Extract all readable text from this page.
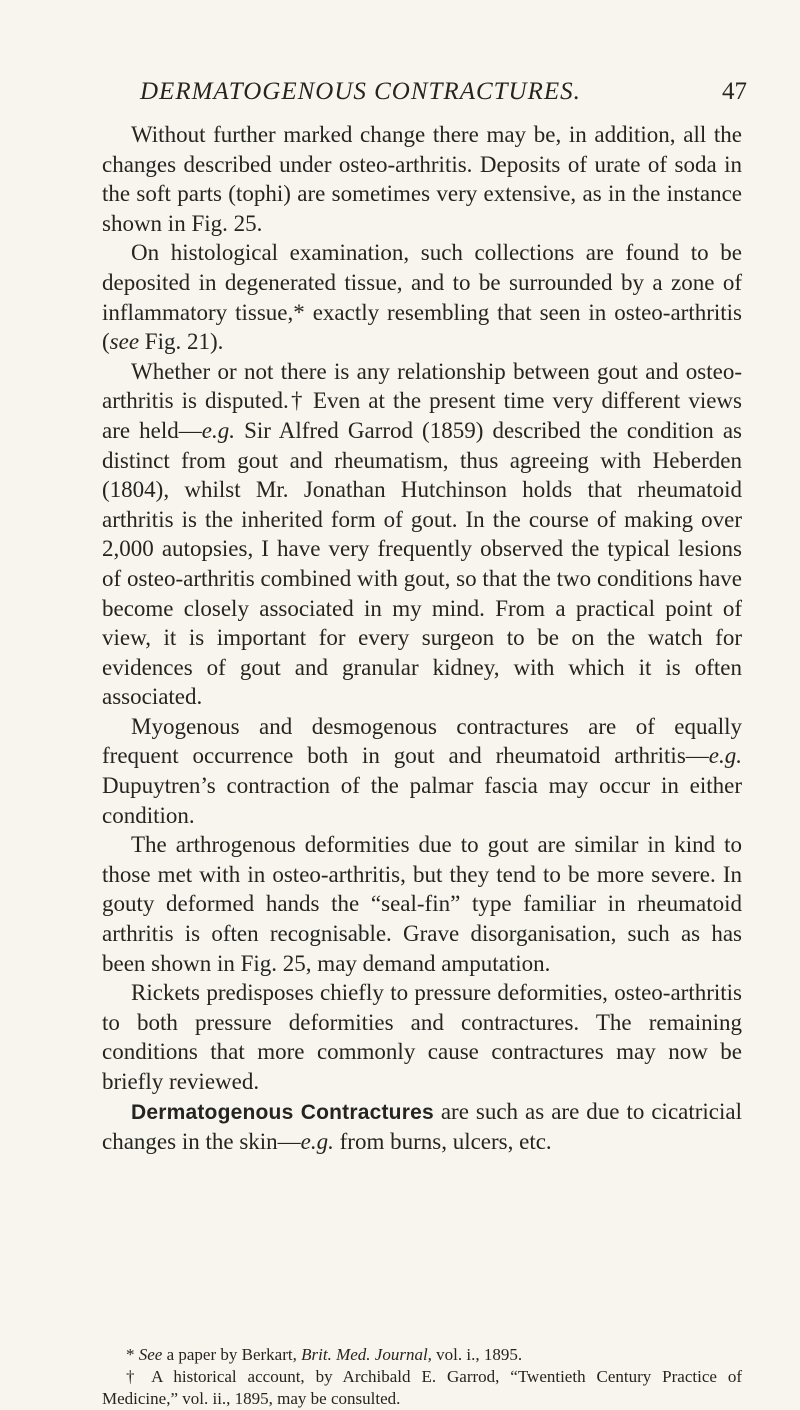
DERMATOGENOUS CONTRACTURES.	47

Without further marked change there may be, in addition, all the changes described under osteo-arthritis. Deposits of urate of soda in the soft parts (tophi) are sometimes very extensive, as in the instance shown in Fig. 25.

On histological examination, such collections are found to be deposited in degenerated tissue, and to be surrounded by a zone of inflammatory tissue,* exactly resembling that seen in osteo-arthritis (see Fig. 21).

Whether or not there is any relationship between gout and osteo-arthritis is disputed.† Even at the present time very different views are held—e.g. Sir Alfred Garrod (1859) described the condition as distinct from gout and rheumatism, thus agreeing with Heberden (1804), whilst Mr. Jonathan Hutchinson holds that rheumatoid arthritis is the inherited form of gout. In the course of making over 2,000 autopsies, I have very frequently observed the typical lesions of osteo-arthritis combined with gout, so that the two conditions have become closely associated in my mind. From a practical point of view, it is important for every surgeon to be on the watch for evidences of gout and granular kidney, with which it is often associated.

Myogenous and desmogenous contractures are of equally frequent occurrence both in gout and rheumatoid arthritis—e.g. Dupuytren’s contraction of the palmar fascia may occur in either condition.

The arthrogenous deformities due to gout are similar in kind to those met with in osteo-arthritis, but they tend to be more severe. In gouty deformed hands the “seal-fin” type familiar in rheumatoid arthritis is often recognisable. Grave disorganisation, such as has been shown in Fig. 25, may demand amputation.

Rickets predisposes chiefly to pressure deformities, osteo-arthritis to both pressure deformities and contractures. The remaining conditions that more commonly cause contractures may now be briefly reviewed.

Dermatogenous Contractures are such as are due to cicatricial changes in the skin—e.g. from burns, ulcers, etc.

* See a paper by Berkart, Brit. Med. Journal, vol. i., 1895.

† A historical account, by Archibald E. Garrod, “Twentieth Century Practice of Medicine,” vol. ii., 1895, may be consulted.
